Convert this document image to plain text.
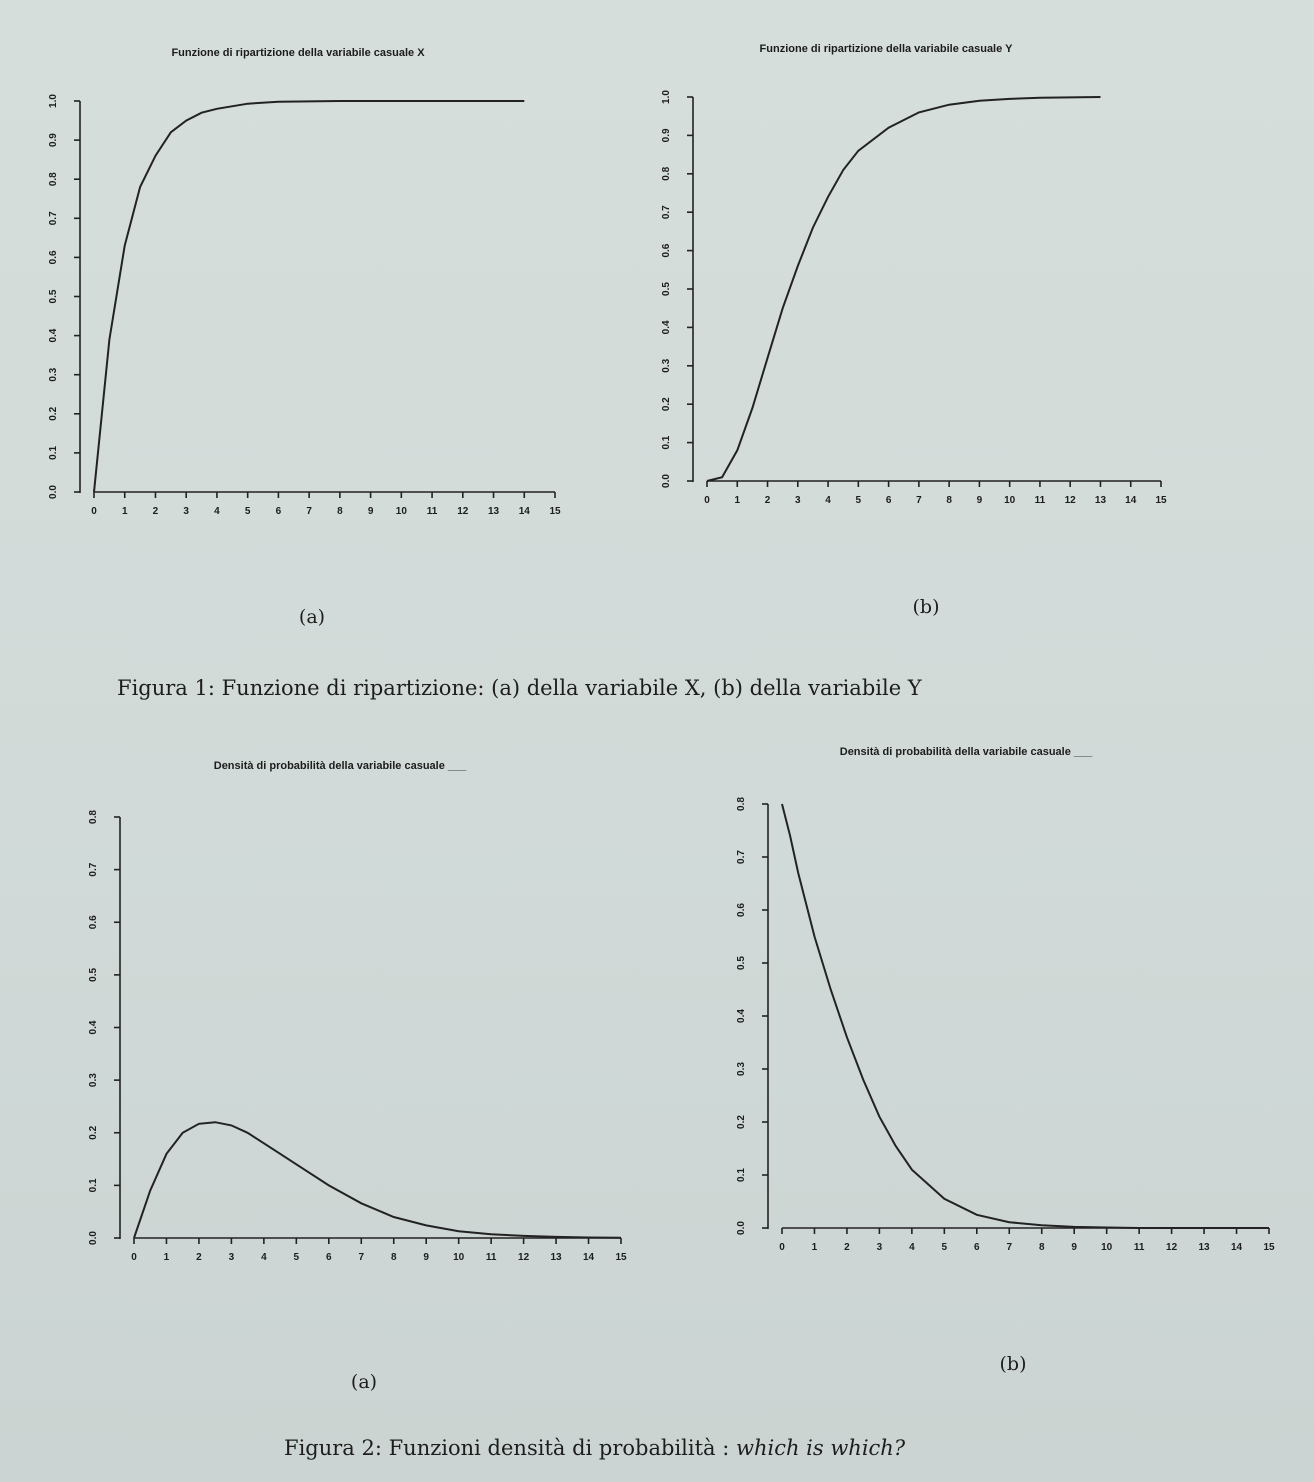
(a)	(b)
Figura 1: Funzione di ripartizione: (a) della variabile X, (b) della variabile Y
(a)
(b)
Figura 2: Funzioni densità di probabilità : which is which?
Funzione di ripartizione della variabile casuale X
0	1	2	3	4	5	6	7	8	9 10 11 12 13 14 15
0.0
0.1
0.2
0.3
0.4
0.5
0.6
0.7
0.8
0.9
1.0
Funzione di ripartizione della variabile casuale Y
0 1 2 3 4 5 6 7 8 9 10 11 12 13 14 15
0.0
0.1
0.2
0.3
0.4
0.5
0.6
0.7
0.8
0.9
1.0
Densità di probabilità della variabile casuale ___
0	1	2	3	4	5	6	7	8	9 10 11 12 13 14 15
0.0
0.1
0.2
0.3
0.4
0.5
0.6
0.7
0.8
Densità di probabilità della variabile casuale ___
0	1	2	3	4	5	6	7	8	9 10 11 12 13 14 15
0.0
0.1
0.2
0.3
0.4
0.5
0.6
0.7
0.8
